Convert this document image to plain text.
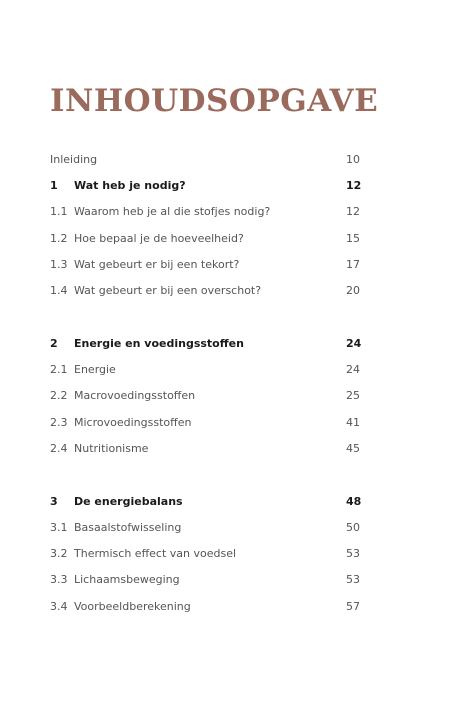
INHOUDSOPGAVE
Inleiding	10
1	Wat heb je nodig?	12
1.1 Waarom heb je al die stofjes nodig?	12
1.2 Hoe bepaal je de hoeveelheid?	15
1.3 Wat gebeurt er bij een tekort?	17
1.4 Wat gebeurt er bij een overschot?	20
2	Energie en voedingsstoffen	24
2.1 Energie	24
2.2 Macrovoedingsstoffen	25
2.3 Microvoedingsstoffen	41
2.4 Nutritionisme	45
3	De energiebalans	48
3.1 Basaalstofwisseling	50
3.2 Thermisch effect van voedsel	53
3.3 Lichaamsbeweging	53
3.4 Voorbeeldberekening	57
